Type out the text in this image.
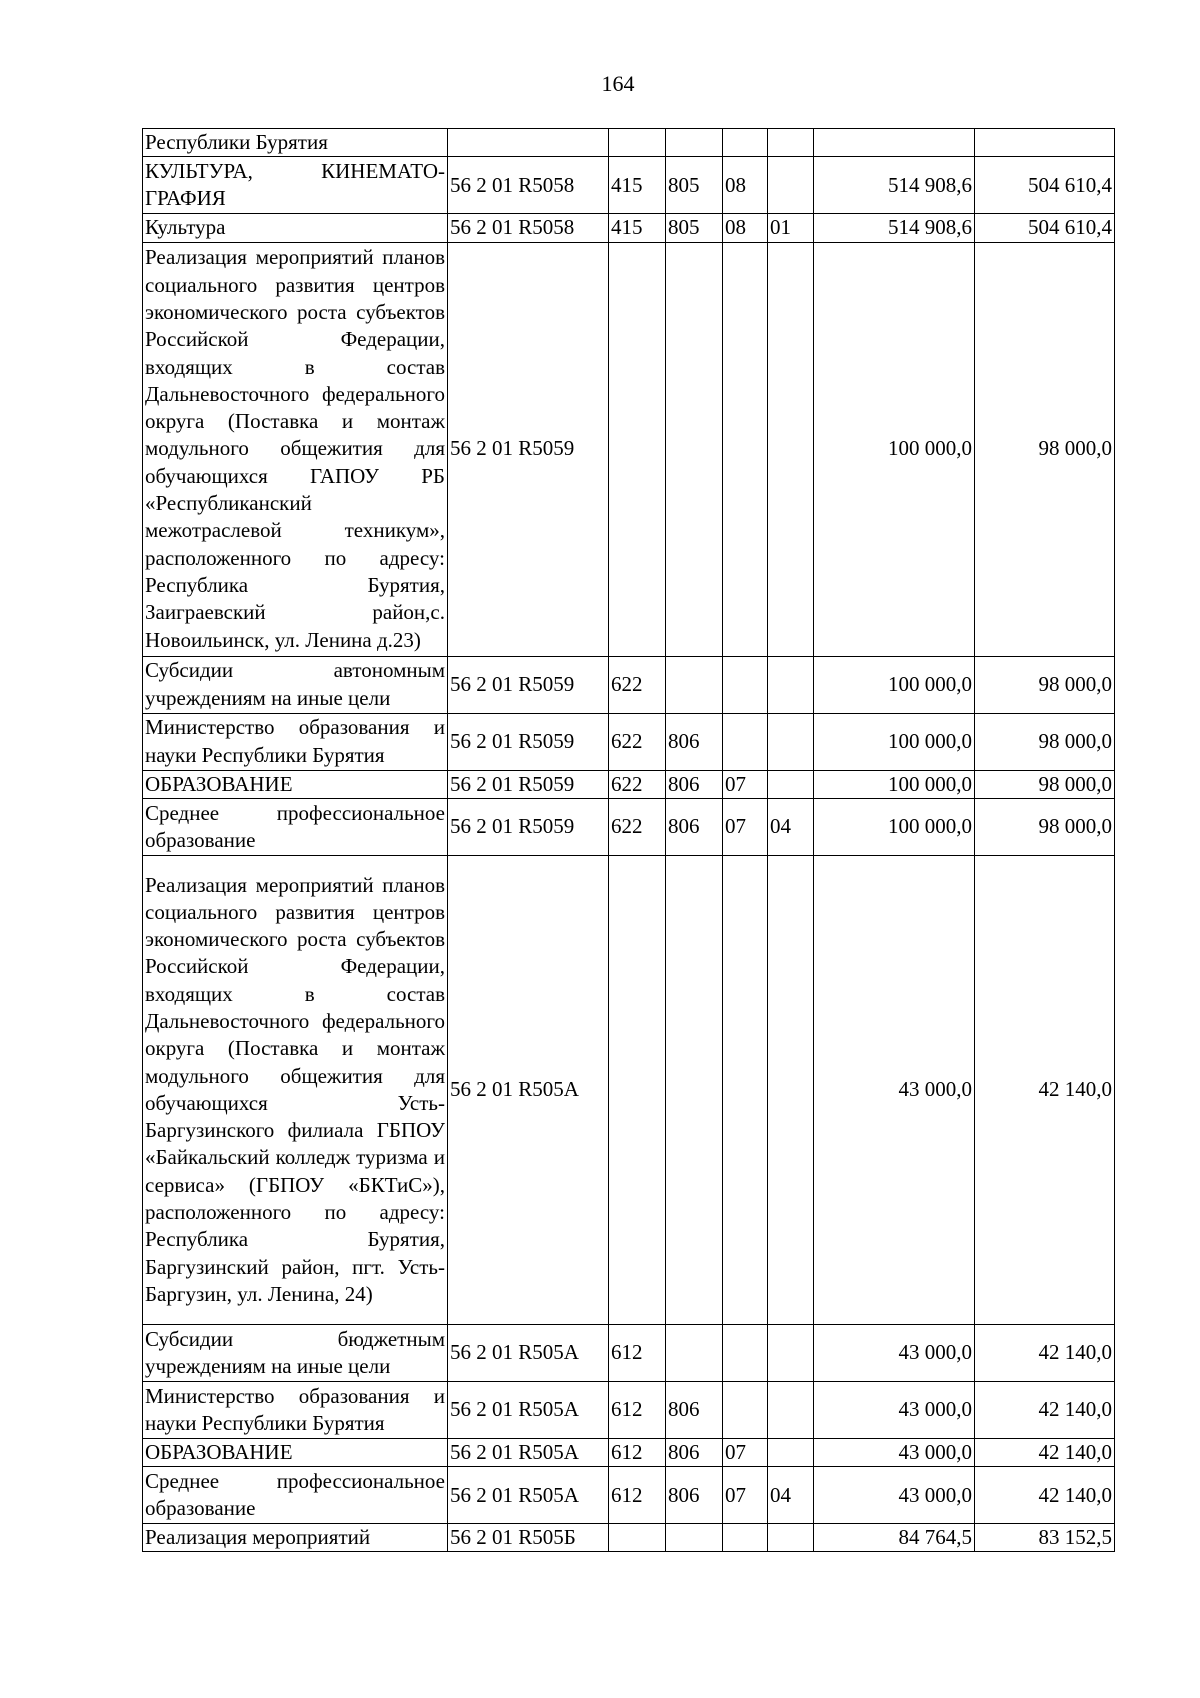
164
Республики Бурятия							
КУЛЬТУРА, КИНЕМАТО-ГРАФИЯ	56 2 01 R5058	415	805	08		514 908,6	504 610,4
Культура	56 2 01 R5058	415	805	08	01	514 908,6	504 610,4
Реализация мероприятий планов социального развития центров экономического роста субъектов Российской Федерации, входящих в состав Дальневосточного федерального округа (Поставка и монтаж модульного общежития для обучающихся ГАПОУ РБ «Республиканский межотраслевой техникум», расположенного по адресу: Республика Бурятия, Заиграевский район,с. Новоильинск, ул. Ленина д.23)	56 2 01 R5059					100 000,0	98 000,0
Субсидии автономным учреждениям на иные цели	56 2 01 R5059	622				100 000,0	98 000,0
Министерство образования и науки Республики Бурятия	56 2 01 R5059	622	806			100 000,0	98 000,0
ОБРАЗОВАНИЕ	56 2 01 R5059	622	806	07		100 000,0	98 000,0
Среднее профессиональное образование	56 2 01 R5059	622	806	07	04	100 000,0	98 000,0
Реализация мероприятий планов социального развития центров экономического роста субъектов Российской Федерации, входящих в состав Дальневосточного федерального округа (Поставка и монтаж модульного общежития для обучающихся Усть-Баргузинского филиала ГБПОУ «Байкальский колледж туризма и сервиса» (ГБПОУ «БКТиС»), расположенного по адресу: Республика Бурятия, Баргузинский район, пгт. Усть-Баргузин, ул. Ленина, 24)	56 2 01 R505A					43 000,0	42 140,0
Субсидии бюджетным учреждениям на иные цели	56 2 01 R505A	612				43 000,0	42 140,0
Министерство образования и науки Республики Бурятия	56 2 01 R505A	612	806			43 000,0	42 140,0
ОБРАЗОВАНИЕ	56 2 01 R505A	612	806	07		43 000,0	42 140,0
Среднее профессиональное образование	56 2 01 R505A	612	806	07	04	43 000,0	42 140,0
Реализация мероприятий	56 2 01 R505Б					84 764,5	83 152,5
